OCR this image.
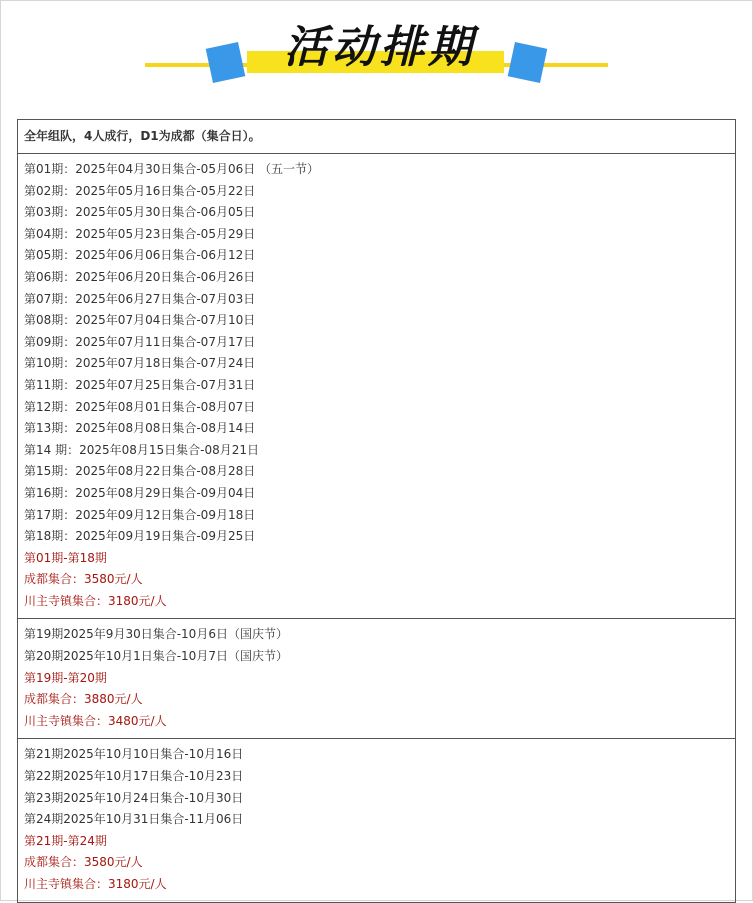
活动排期
全年组队，4人成行，D1为成都（集合日）。

第01期：2025年04月30日集合-05月06日 （五一节）
第02期：2025年05月16日集合-05月22日
第03期：2025年05月30日集合-06月05日
第04期：2025年05月23日集合-05月29日
第05期：2025年06月06日集合-06月12日
第06期：2025年06月20日集合-06月26日
第07期：2025年06月27日集合-07月03日
第08期：2025年07月04日集合-07月10日
第09期：2025年07月11日集合-07月17日
第10期：2025年07月18日集合-07月24日
第11期：2025年07月25日集合-07月31日
第12期：2025年08月01日集合-08月07日
第13期：2025年08月08日集合-08月14日
第14 期：2025年08月15日集合-08月21日
第15期：2025年08月22日集合-08月28日
第16期：2025年08月29日集合-09月04日
第17期：2025年09月12日集合-09月18日
第18期：2025年09月19日集合-09月25日
第01期-第18期
成都集合：3580元/人
川主寺镇集合：3180元/人

第19期2025年9月30日集合-10月6日（国庆节）
第20期2025年10月1日集合-10月7日（国庆节）
第19期-第20期
成都集合：3880元/人
川主寺镇集合：3480元/人

第21期2025年10月10日集合-10月16日
第22期2025年10月17日集合-10月23日
第23期2025年10月24日集合-10月30日
第24期2025年10月31日集合-11月06日
第21期-第24期
成都集合：3580元/人
川主寺镇集合：3180元/人
